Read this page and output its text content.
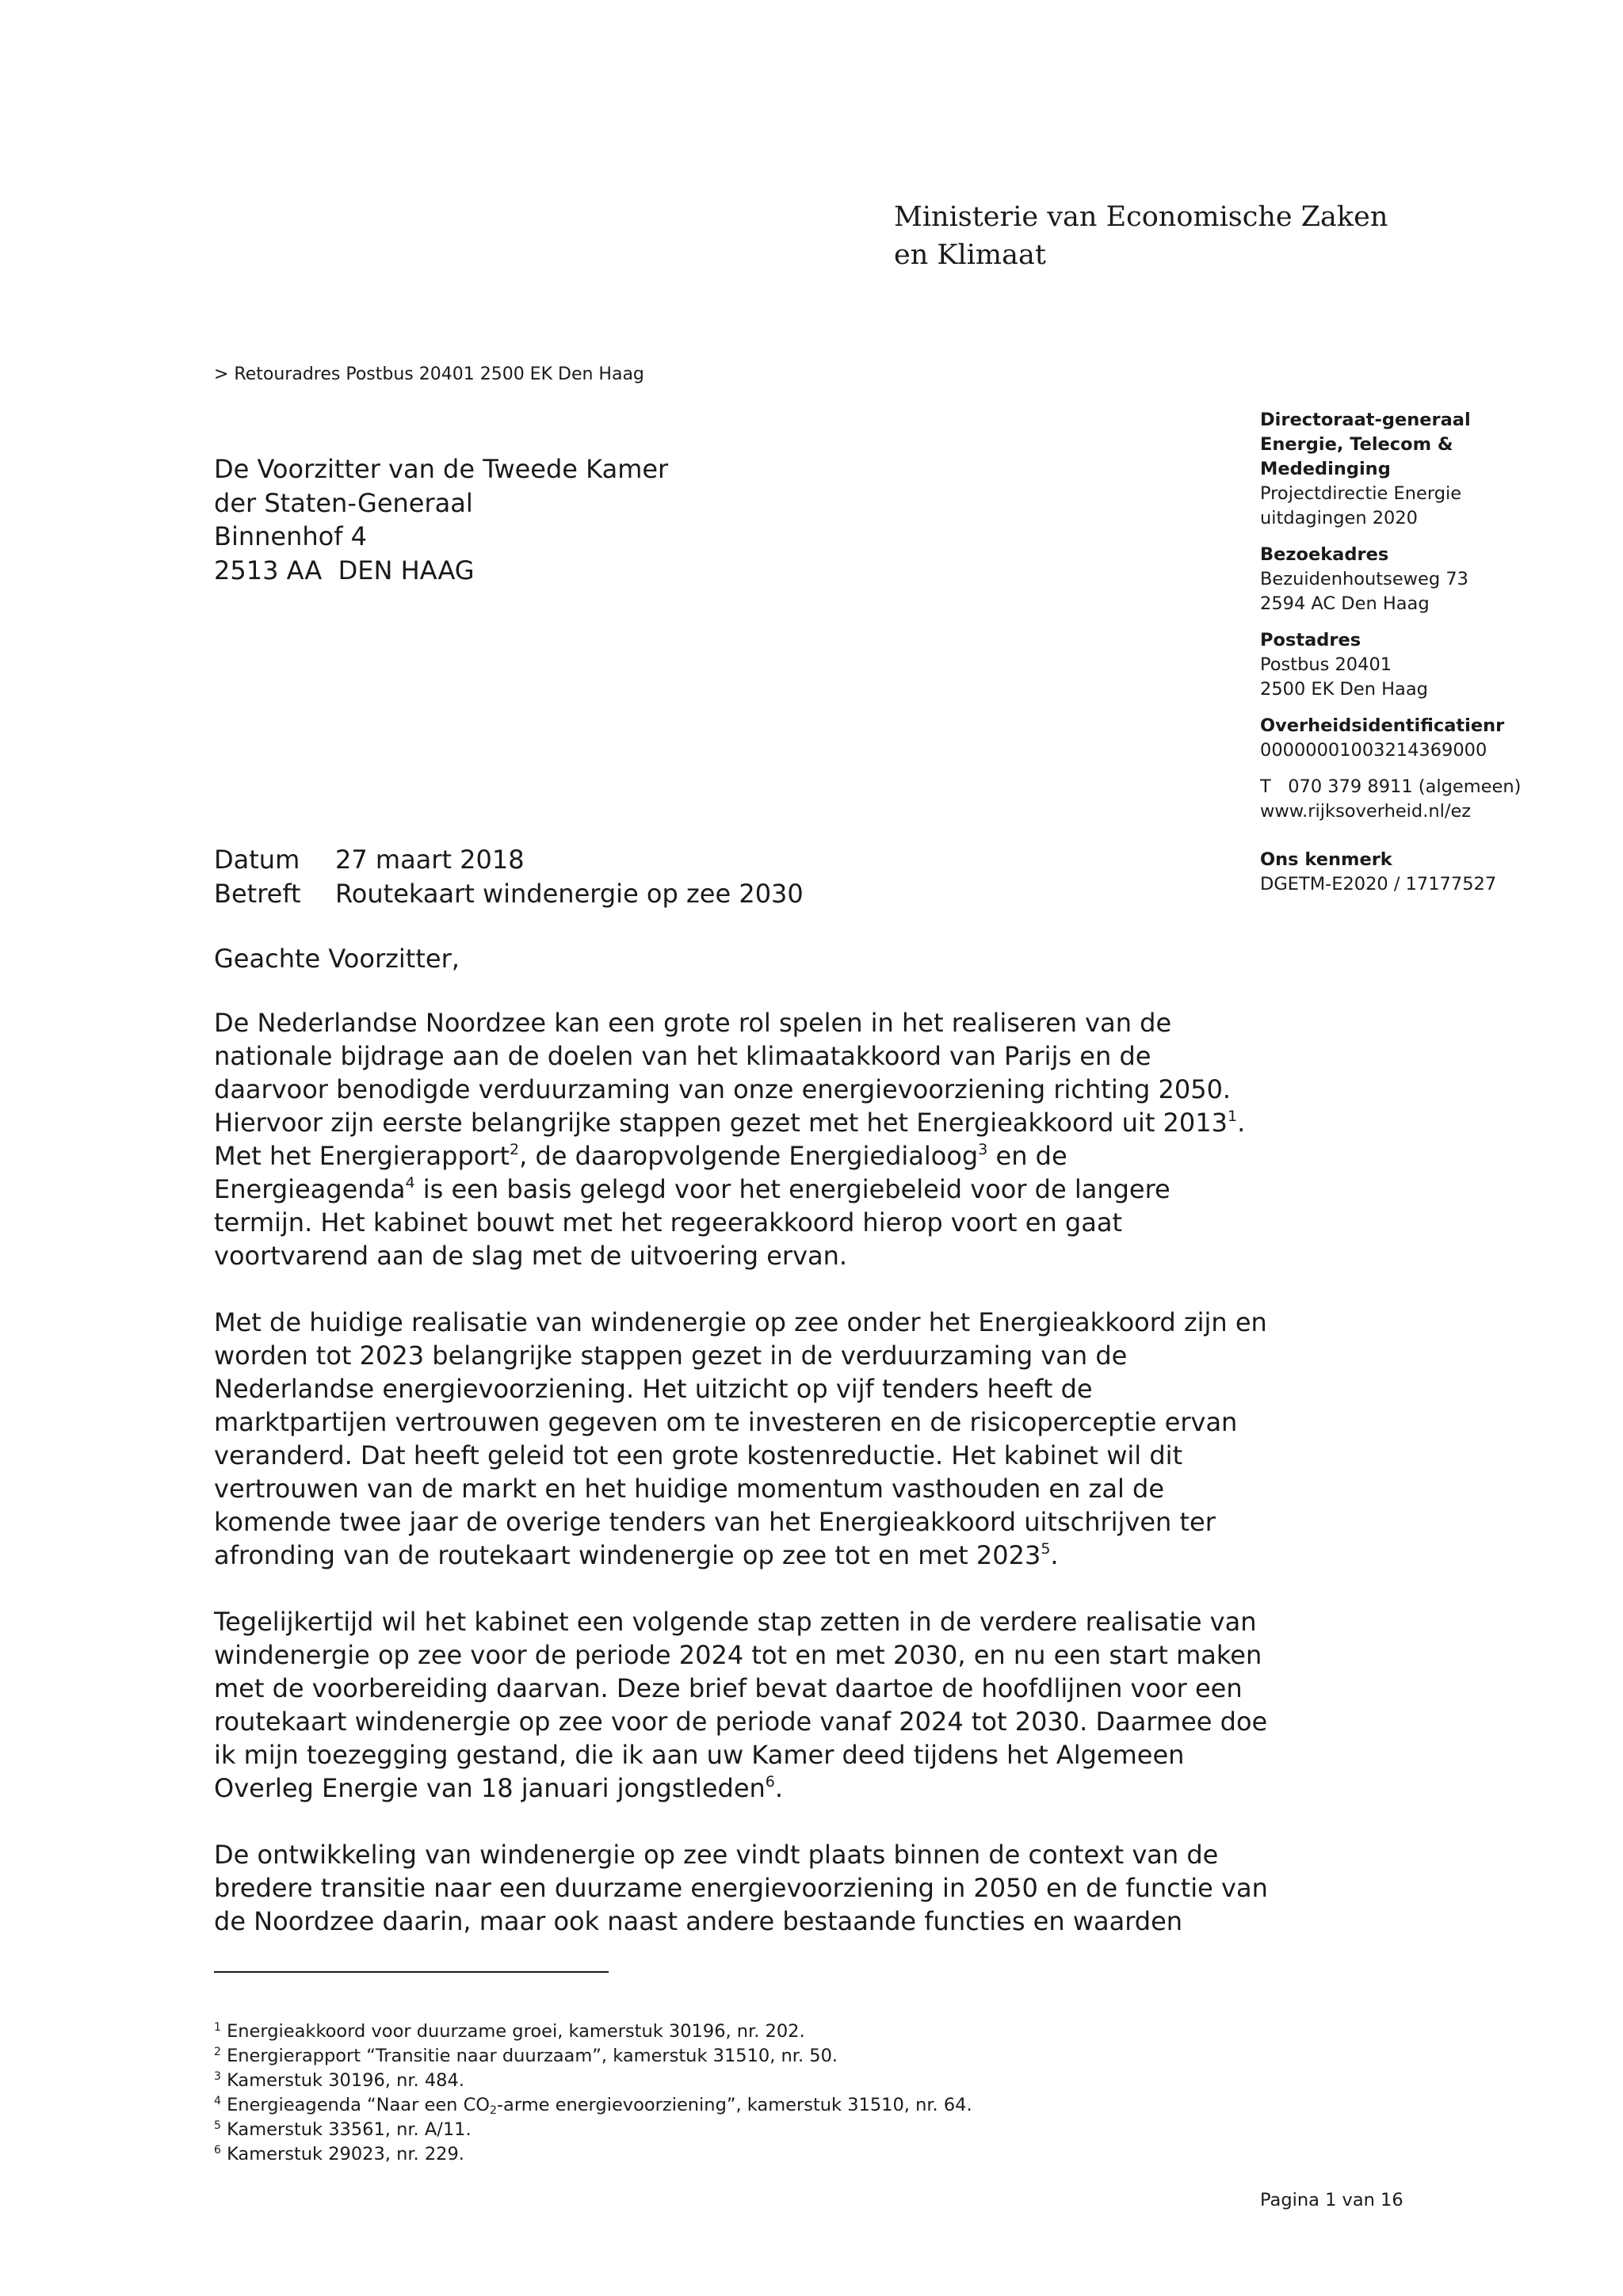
Ministerie van Economische Zaken
en Klimaat
> Retouradres Postbus 20401 2500 EK Den Haag
De Voorzitter van de Tweede Kamer
der Staten-Generaal
Binnenhof 4
2513 AA  DEN HAAG
Directoraat-generaal
Energie, Telecom &
Mededinging
Projectdirectie Energie
uitdagingen 2020
Bezoekadres
Bezuidenhoutseweg 73
2594 AC Den Haag
Postadres
Postbus 20401
2500 EK Den Haag
Overheidsidentificatienr
00000001003214369000
T   070 379 8911 (algemeen)
www.rijksoverheid.nl/ez
Ons kenmerk
DGETM-E2020 / 17177527
Datum	27 maart 2018
Betreft	Routekaart windenergie op zee 2030
Geachte Voorzitter,
De Nederlandse Noordzee kan een grote rol spelen in het realiseren van de
nationale bijdrage aan de doelen van het klimaatakkoord van Parijs en de
daarvoor benodigde verduurzaming van onze energievoorziening richting 2050.
Hiervoor zijn eerste belangrijke stappen gezet met het Energieakkoord uit 2013$^1$.
Met het Energierapport$^2$, de daaropvolgende Energiedialoog$^3$ en de
Energieagenda$^4$ is een basis gelegd voor het energiebeleid voor de langere
termijn. Het kabinet bouwt met het regeerakkoord hierop voort en gaat
voortvarend aan de slag met de uitvoering ervan.
Met de huidige realisatie van windenergie op zee onder het Energieakkoord zijn en
worden tot 2023 belangrijke stappen gezet in de verduurzaming van de
Nederlandse energievoorziening. Het uitzicht op vijf tenders heeft de
marktpartijen vertrouwen gegeven om te investeren en de risicoperceptie ervan
veranderd. Dat heeft geleid tot een grote kostenreductie. Het kabinet wil dit
vertrouwen van de markt en het huidige momentum vasthouden en zal de
komende twee jaar de overige tenders van het Energieakkoord uitschrijven ter
afronding van de routekaart windenergie op zee tot en met 2023$^5$.
Tegelijkertijd wil het kabinet een volgende stap zetten in de verdere realisatie van
windenergie op zee voor de periode 2024 tot en met 2030, en nu een start maken
met de voorbereiding daarvan. Deze brief bevat daartoe de hoofdlijnen voor een
routekaart windenergie op zee voor de periode vanaf 2024 tot 2030. Daarmee doe
ik mijn toezegging gestand, die ik aan uw Kamer deed tijdens het Algemeen
Overleg Energie van 18 januari jongstleden$^6$.
De ontwikkeling van windenergie op zee vindt plaats binnen de context van de
bredere transitie naar een duurzame energievoorziening in 2050 en de functie van
de Noordzee daarin, maar ook naast andere bestaande functies en waarden
$^1$ Energieakkoord voor duurzame groei, kamerstuk 30196, nr. 202.
$^2$ Energierapport “Transitie naar duurzaam”, kamerstuk 31510, nr. 50.
$^3$ Kamerstuk 30196, nr. 484.
$^4$ Energieagenda “Naar een $CO_2$-arme energievoorziening”, kamerstuk 31510, nr. 64.
$^5$ Kamerstuk 33561, nr. A/11.
$^6$ Kamerstuk 29023, nr. 229.
Pagina 1 van 16
